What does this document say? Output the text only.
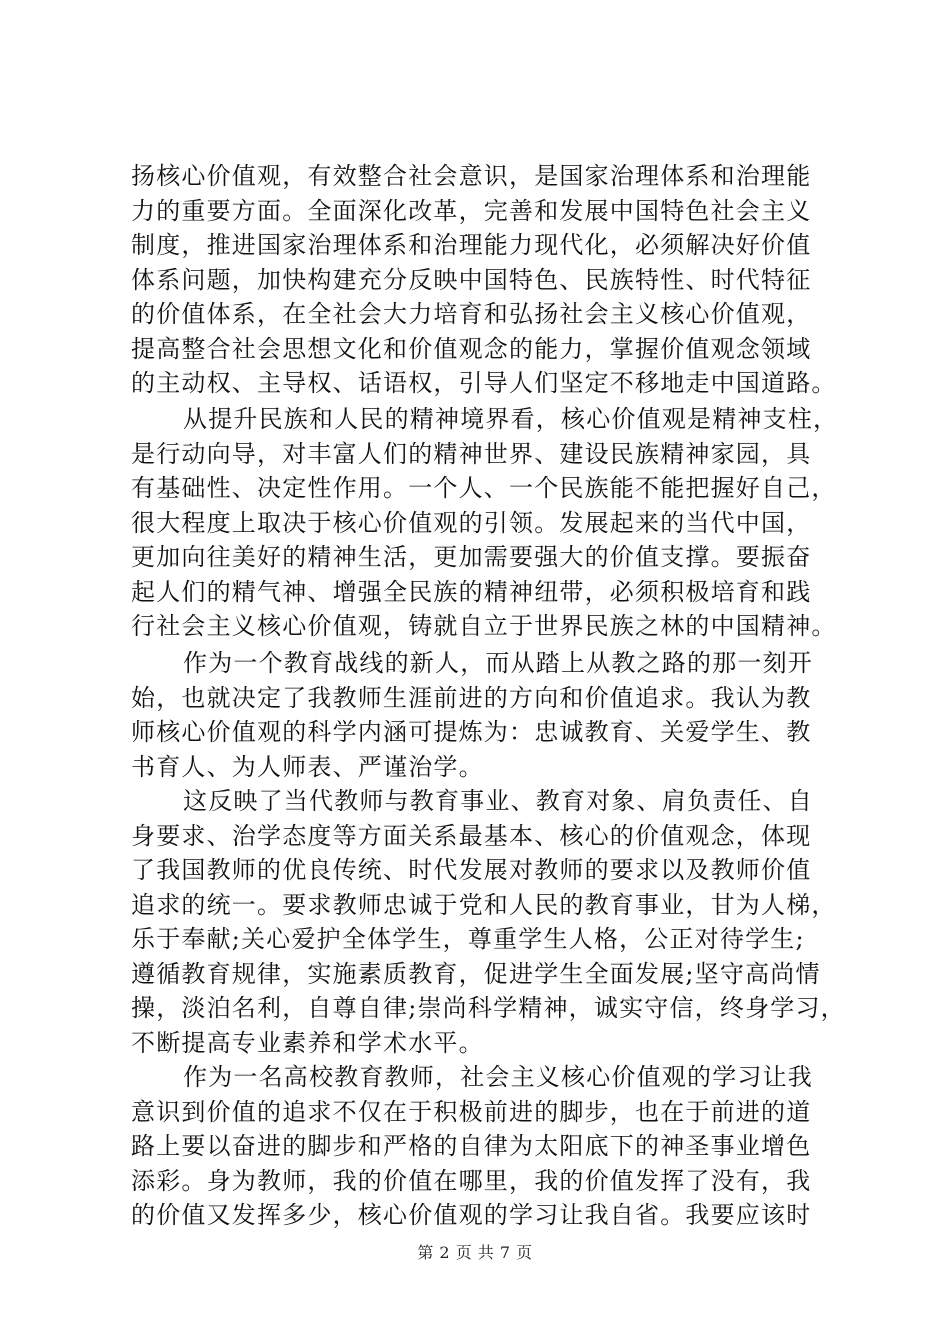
扬核心价值观，有效整合社会意识，是国家治理体系和治理能
力的重要方面。全面深化改革，完善和发展中国特色社会主义
制度，推进国家治理体系和治理能力现代化，必须解决好价值
体系问题，加快构建充分反映中国特色、民族特性、时代特征
的价值体系，在全社会大力培育和弘扬社会主义核心价值观，
提高整合社会思想文化和价值观念的能力，掌握价值观念领域
的主动权、主导权、话语权，引导人们坚定不移地走中国道路。
从提升民族和人民的精神境界看，核心价值观是精神支柱，
是行动向导，对丰富人们的精神世界、建设民族精神家园，具
有基础性、决定性作用。一个人、一个民族能不能把握好自己，
很大程度上取决于核心价值观的引领。发展起来的当代中国，
更加向往美好的精神生活，更加需要强大的价值支撑。要振奋
起人们的精气神、增强全民族的精神纽带，必须积极培育和践
行社会主义核心价值观，铸就自立于世界民族之林的中国精神。
作为一个教育战线的新人，而从踏上从教之路的那一刻开
始，也就决定了我教师生涯前进的方向和价值追求。我认为教
师核心价值观的科学内涵可提炼为：忠诚教育、关爱学生、教
书育人、为人师表、严谨治学。
这反映了当代教师与教育事业、教育对象、肩负责任、自
身要求、治学态度等方面关系最基本、核心的价值观念，体现
了我国教师的优良传统、时代发展对教师的要求以及教师价值
追求的统一。要求教师忠诚于党和人民的教育事业，甘为人梯，
乐于奉献;关心爱护全体学生，尊重学生人格，公正对待学生;
遵循教育规律，实施素质教育，促进学生全面发展;坚守高尚情
操，淡泊名利，自尊自律;崇尚科学精神，诚实守信，终身学习，
不断提高专业素养和学术水平。
作为一名高校教育教师，社会主义核心价值观的学习让我
意识到价值的追求不仅在于积极前进的脚步，也在于前进的道
路上要以奋进的脚步和严格的自律为太阳底下的神圣事业增色
添彩。身为教师，我的价值在哪里，我的价值发挥了没有，我
的价值又发挥多少，核心价值观的学习让我自省。我要应该时
第 2 页 共 7 页
